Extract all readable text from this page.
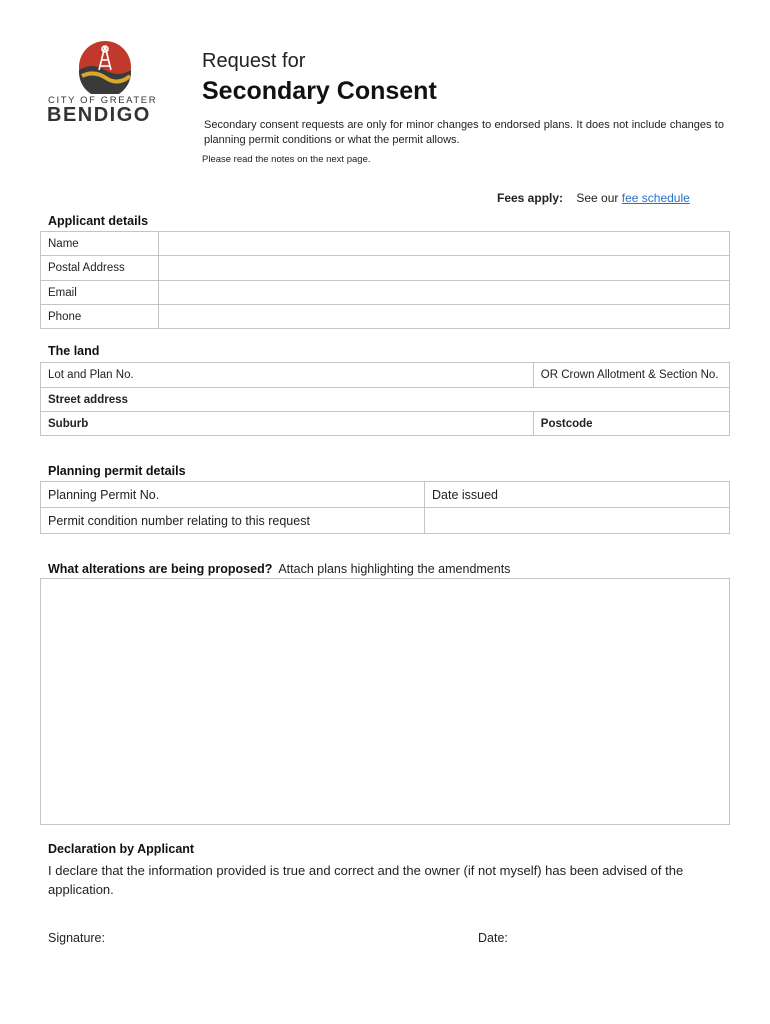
CITY OF GREATER
BENDIGO
Request for
Secondary Consent
Secondary consent requests are only for minor changes to endorsed plans. It does not include changes to planning permit conditions or what the permit allows.
Please read the notes on the next page.
Fees apply: See our fee schedule
Applicant details
Name	
Postal Address	
Email	
Phone	
The land
Lot and Plan No.	OR Crown Allotment & Section No.
Street address	
Suburb	Postcode
Planning permit details
Planning Permit No.	Date issued
Permit condition number relating to this request	
What alterations are being proposed? Attach plans highlighting the amendments
Declaration by Applicant
I declare that the information provided is true and correct and the owner (if not myself) has been advised of the application.
Signature:	Date:
